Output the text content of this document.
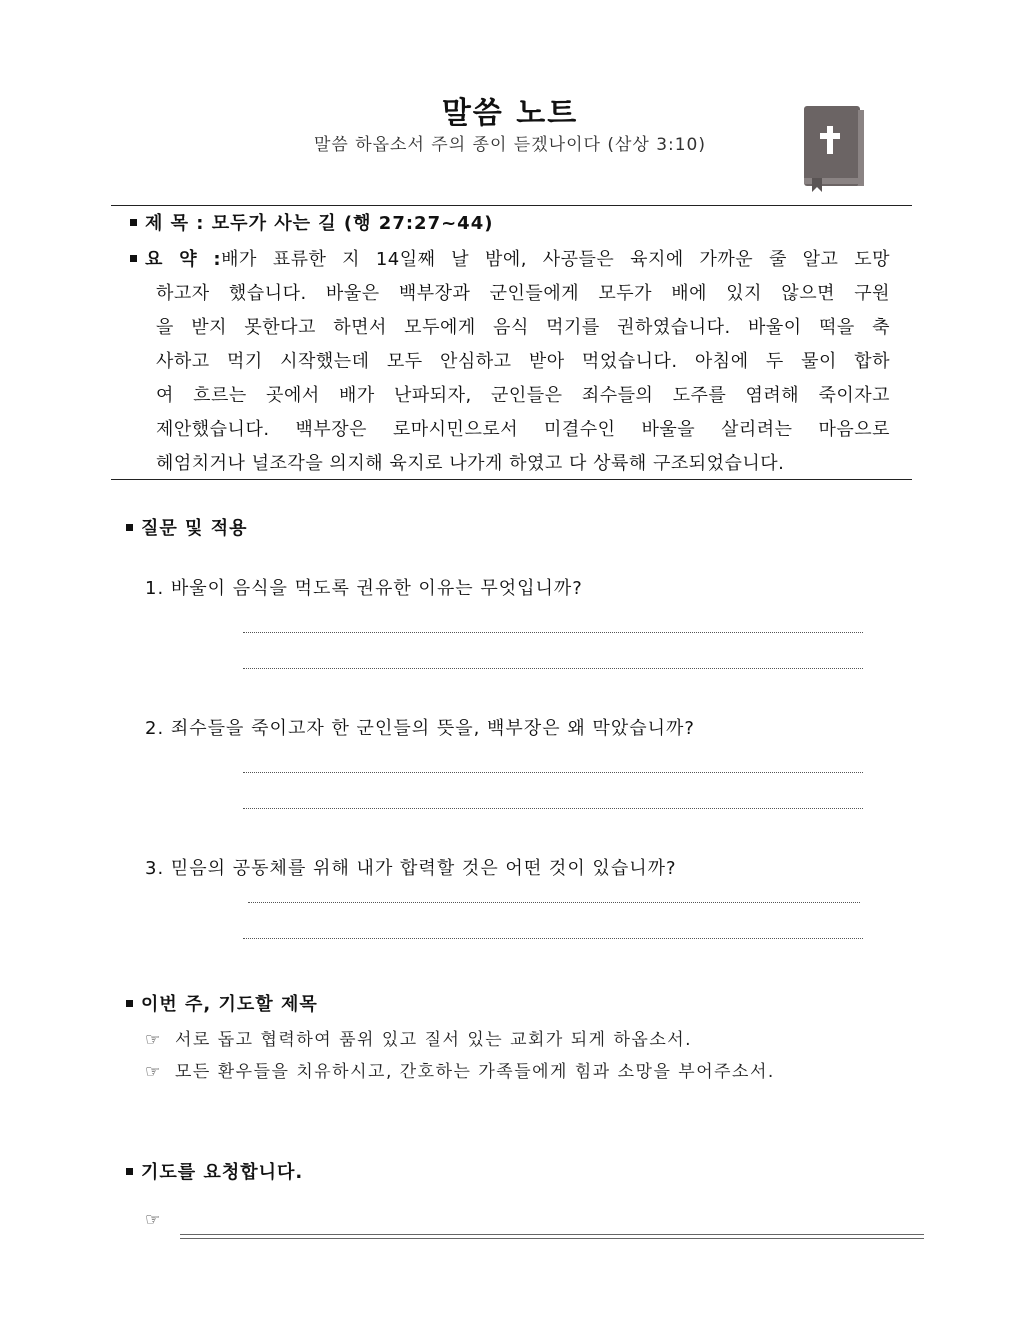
말씀 노트
말씀 하옵소서 주의 종이 듣겠나이다 (삼상 3:10)
제 목 : 모두가 사는 길 (행 27:27~44)
요 약 :배가 표류한 지 14일째 날 밤에, 사공들은 육지에 가까운 줄 알고 도망
하고자 했습니다. 바울은 백부장과 군인들에게 모두가 배에 있지 않으면 구원
을 받지 못한다고 하면서 모두에게 음식 먹기를 권하였습니다. 바울이 떡을 축
사하고 먹기 시작했는데 모두 안심하고 받아 먹었습니다. 아침에 두 물이 합하
여 흐르는 곳에서 배가 난파되자, 군인들은 죄수들의 도주를 염려해 죽이자고
제안했습니다. 백부장은 로마시민으로서 미결수인 바울을 살리려는 마음으로
헤엄치거나 널조각을 의지해 육지로 나가게 하였고 다 상륙해 구조되었습니다.
질문 및 적용
1. 바울이 음식을 먹도록 권유한 이유는 무엇입니까?
2. 죄수들을 죽이고자 한 군인들의 뜻을, 백부장은 왜 막았습니까?
3. 믿음의 공동체를 위해 내가 합력할 것은 어떤 것이 있습니까?
이번 주, 기도할 제목
☞ 서로 돕고 협력하여 품위 있고 질서 있는 교회가 되게 하옵소서.
☞ 모든 환우들을 치유하시고, 간호하는 가족들에게 힘과 소망을 부어주소서.
기도를 요청합니다.
☞
